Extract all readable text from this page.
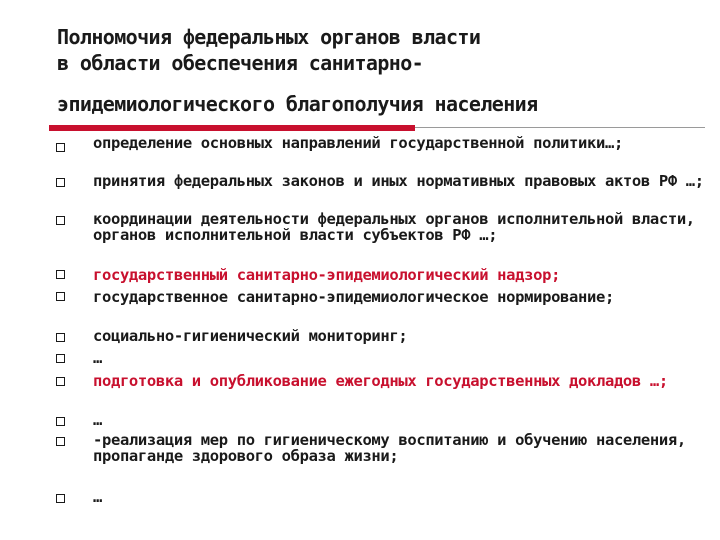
Полномочия федеральных органов власти
в области обеспечения санитарно-
эпидемиологического благополучия населения
определение основных направлений государственной политики…;
принятия федеральных законов и иных нормативных правовых актов РФ …;
координации деятельности федеральных органов исполнительной власти, органов исполнительной власти субъектов РФ …;
государственный санитарно-эпидемиологический надзор;
государственное санитарно-эпидемиологическое нормирование;
социально-гигиенический мониторинг;
…
подготовка и опубликование ежегодных государственных докладов …;
…
-реализация мер по гигиеническому воспитанию и обучению населения, пропаганде здорового образа жизни;
…
